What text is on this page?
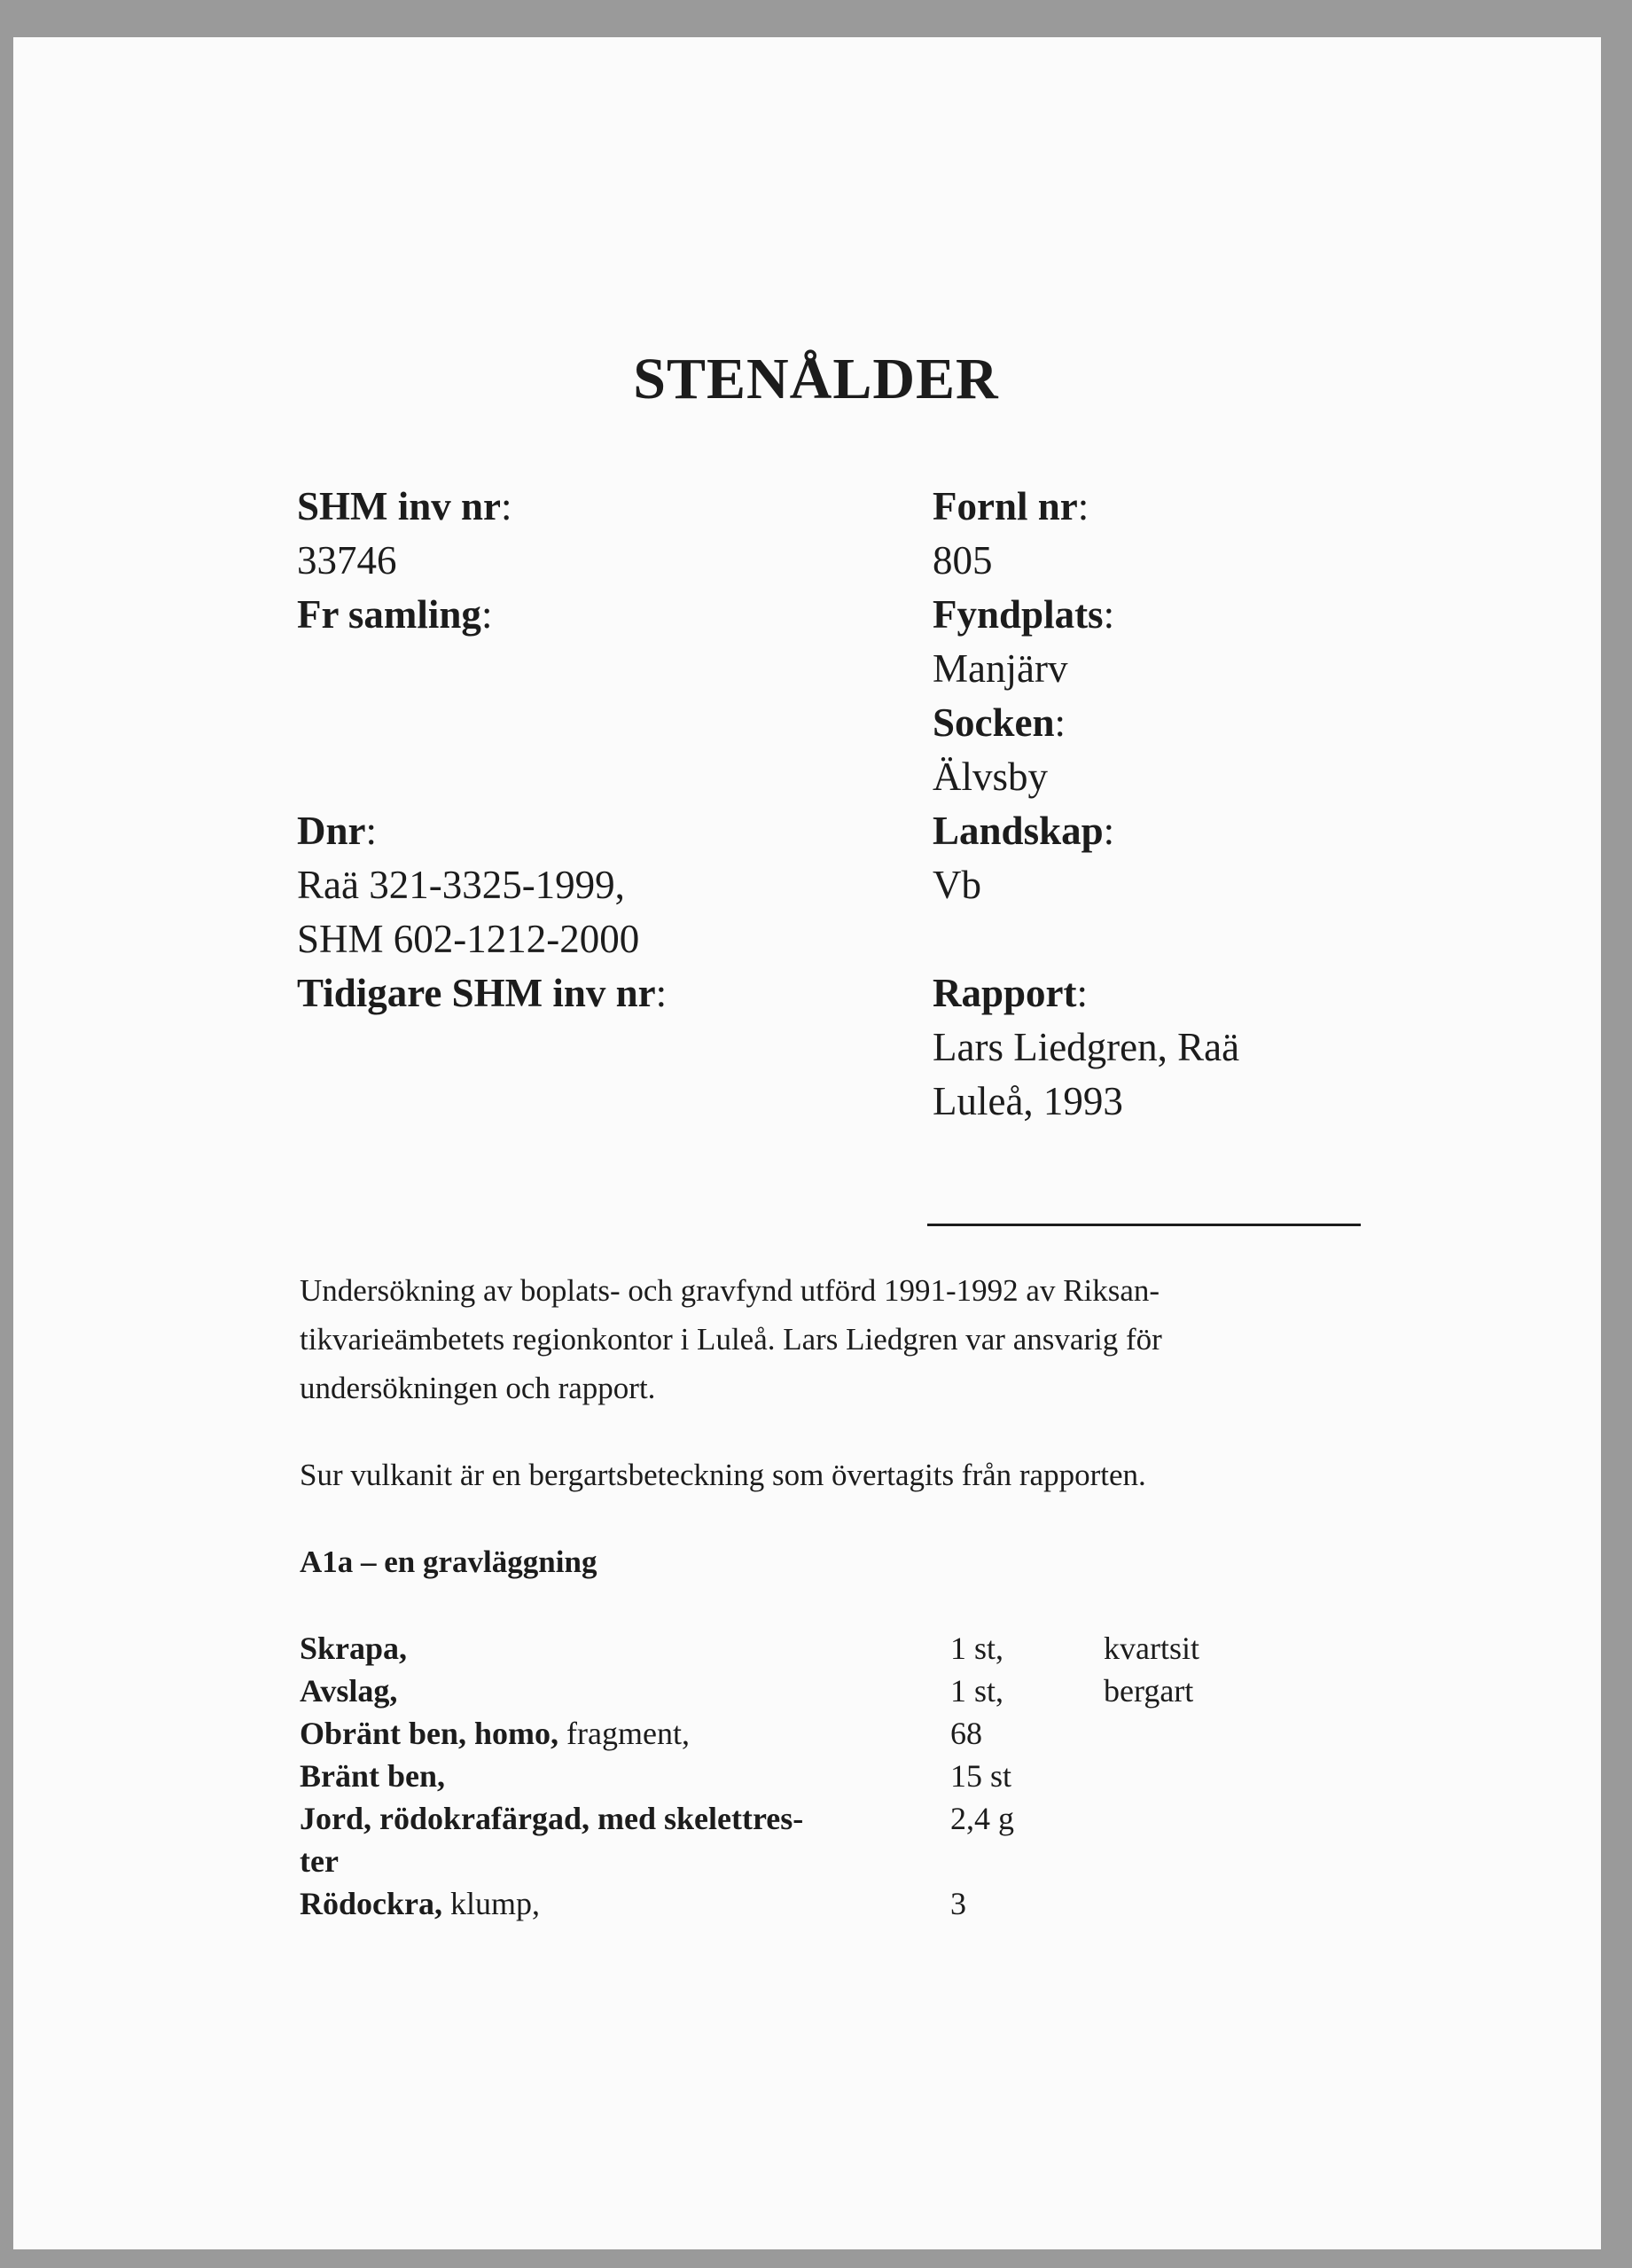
STENÅLDER
SHM inv nr:
33746
Fr samling:
Dnr:
Raä 321-3325-1999,
SHM 602-1212-2000
Tidigare SHM inv nr:
Fornl nr:
805
Fyndplats:
Manjärv
Socken:
Älvsby
Landskap:
Vb
Rapport:
Lars Liedgren, Raä
Luleå, 1993
Undersökning av boplats- och gravfynd utförd 1991-1992 av Riksan-
tikvarieämbetets regionkontor i Luleå. Lars Liedgren var ansvarig för
undersökningen och rapport.

Sur vulkanit är en bergartsbeteckning som övertagits från rapporten.

A1a – en gravläggning
Skrapa,	1 st,	kvartsit
Avslag,	1 st,	bergart
Obränt ben, homo, fragment,	68
Bränt ben,	15 st
Jord, rödokrafärgad, med skelettres-	2,4 g
ter
Rödockra, klump,	3
